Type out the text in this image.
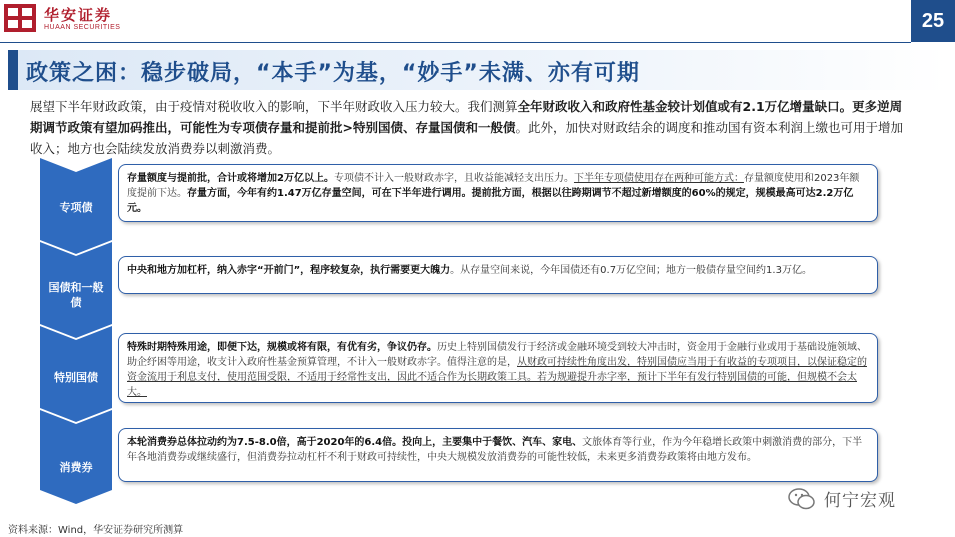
华安证券
HUAAN SECURITIES	25
政策之困：稳步破局，“本手”为基，“妙手”未满、亦有可期
展望下半年财政政策，由于疫情对税收收入的影响，下半年财政收入压力较大。我们测算全年财政收入和政府性基金较计划值或有2.1万亿增量缺口。更多逆周期调节政策有望加码推出，可能性为专项债存量和提前批>特别国债、存量国债和一般债。此外，加快对财政结余的调度和推动国有资本利润上缴也可用于增加收入；地方也会陆续发放消费券以刺激消费。
专项债
国债和一般债
特别国债
消费券
存量额度与提前批，合计或将增加2万亿以上。专项债不计入一般财政赤字，且收益能减轻支出压力。下半年专项债使用存在两种可能方式：存量额度使用和2023年额度提前下达。存量方面，今年有约1.47万亿存量空间，可在下半年进行调用。提前批方面，根据以往跨期调节不超过新增额度的60%的规定，规模最高可达2.2万亿元。
中央和地方加杠杆，纳入赤字“开前门”，程序较复杂，执行需要更大魄力。从存量空间来说，今年国债还有0.7万亿空间；地方一般债存量空间约1.3万亿。
特殊时期特殊用途，即便下达，规模或将有限，有优有劣，争议仍存。历史上特别国债发行于经济或金融环境受到较大冲击时，资金用于金融行业或用于基础设施领域、助企纾困等用途，收支计入政府性基金预算管理，不计入一般财政赤字。值得注意的是，从财政可持续性角度出发，特别国债应当用于有收益的专项项目，以保证稳定的资金流用于利息支付，使用范围受限，不适用于经常性支出，因此不适合作为长期政策工具。若为规避提升赤字率，预计下半年有发行特别国债的可能，但规模不会太大。
本轮消费券总体拉动约为7.5-8.0倍，高于2020年的6.4倍。投向上，主要集中于餐饮、汽车、家电、文旅体育等行业，作为今年稳增长政策中刺激消费的部分，下半年各地消费券或继续盛行，但消费券拉动杠杆不利于财政可持续性，中央大规模发放消费券的可能性较低，未来更多消费券政策将由地方发布。
资料来源：Wind，华安证券研究所测算
何宁宏观
